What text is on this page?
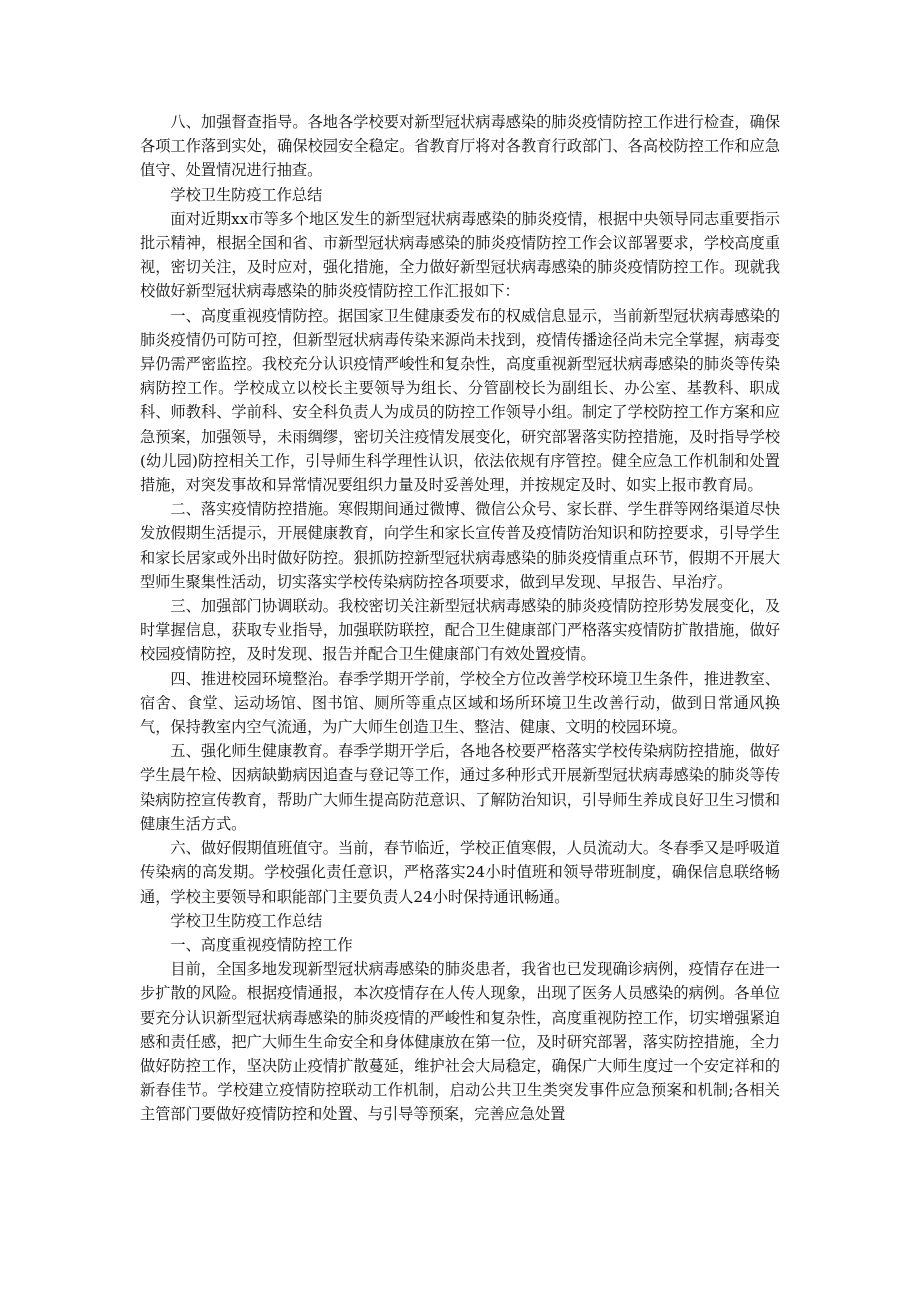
八、加强督查指导。各地各学校要对新型冠状病毒感染的肺炎疫情防控工作进行检查，确保各项工作落到实处，确保校园安全稳定。省教育厅将对各教育行政部门、各高校防控工作和应急值守、处置情况进行抽查。

学校卫生防疫工作总结

面对近期xx市等多个地区发生的新型冠状病毒感染的肺炎疫情，根据中央领导同志重要指示批示精神，根据全国和省、市新型冠状病毒感染的肺炎疫情防控工作会议部署要求，学校高度重视，密切关注，及时应对，强化措施，全力做好新型冠状病毒感染的肺炎疫情防控工作。现就我校做好新型冠状病毒感染的肺炎疫情防控工作汇报如下：

一、高度重视疫情防控。据国家卫生健康委发布的权威信息显示，当前新型冠状病毒感染的肺炎疫情仍可防可控，但新型冠状病毒传染来源尚未找到，疫情传播途径尚未完全掌握，病毒变异仍需严密监控。我校充分认识疫情严峻性和复杂性，高度重视新型冠状病毒感染的肺炎等传染病防控工作。学校成立以校长主要领导为组长、分管副校长为副组长、办公室、基教科、职成科、师教科、学前科、安全科负责人为成员的防控工作领导小组。制定了学校防控工作方案和应急预案，加强领导，未雨绸缪，密切关注疫情发展变化，研究部署落实防控措施，及时指导学校(幼儿园)防控相关工作，引导师生科学理性认识，依法依规有序管控。健全应急工作机制和处置措施，对突发事故和异常情况要组织力量及时妥善处理，并按规定及时、如实上报市教育局。

二、落实疫情防控措施。寒假期间通过微博、微信公众号、家长群、学生群等网络渠道尽快发放假期生活提示，开展健康教育，向学生和家长宣传普及疫情防治知识和防控要求，引导学生和家长居家或外出时做好防控。狠抓防控新型冠状病毒感染的肺炎疫情重点环节，假期不开展大型师生聚集性活动，切实落实学校传染病防控各项要求，做到早发现、早报告、早治疗。

三、加强部门协调联动。我校密切关注新型冠状病毒感染的肺炎疫情防控形势发展变化，及时掌握信息，获取专业指导，加强联防联控，配合卫生健康部门严格落实疫情防扩散措施，做好校园疫情防控，及时发现、报告并配合卫生健康部门有效处置疫情。

四、推进校园环境整治。春季学期开学前，学校全方位改善学校环境卫生条件，推进教室、宿舍、食堂、运动场馆、图书馆、厕所等重点区域和场所环境卫生改善行动，做到日常通风换气，保持教室内空气流通，为广大师生创造卫生、整洁、健康、文明的校园环境。

五、强化师生健康教育。春季学期开学后，各地各校要严格落实学校传染病防控措施，做好学生晨午检、因病缺勤病因追查与登记等工作，通过多种形式开展新型冠状病毒感染的肺炎等传染病防控宣传教育，帮助广大师生提高防范意识、了解防治知识，引导师生养成良好卫生习惯和健康生活方式。

六、做好假期值班值守。当前，春节临近，学校正值寒假，人员流动大。冬春季又是呼吸道传染病的高发期。学校强化责任意识，严格落实24小时值班和领导带班制度，确保信息联络畅通，学校主要领导和职能部门主要负责人24小时保持通讯畅通。

学校卫生防疫工作总结

一、高度重视疫情防控工作

目前，全国多地发现新型冠状病毒感染的肺炎患者，我省也已发现确诊病例，疫情存在进一步扩散的风险。根据疫情通报，本次疫情存在人传人现象，出现了医务人员感染的病例。各单位要充分认识新型冠状病毒感染的肺炎疫情的严峻性和复杂性，高度重视防控工作，切实增强紧迫感和责任感，把广大师生生命安全和身体健康放在第一位，及时研究部署，落实防控措施，全力做好防控工作，坚决防止疫情扩散蔓延，维护社会大局稳定，确保广大师生度过一个安定祥和的新春佳节。学校建立疫情防控联动工作机制，启动公共卫生类突发事件应急预案和机制;各相关主管部门要做好疫情防控和处置、与引导等预案，完善应急处置
